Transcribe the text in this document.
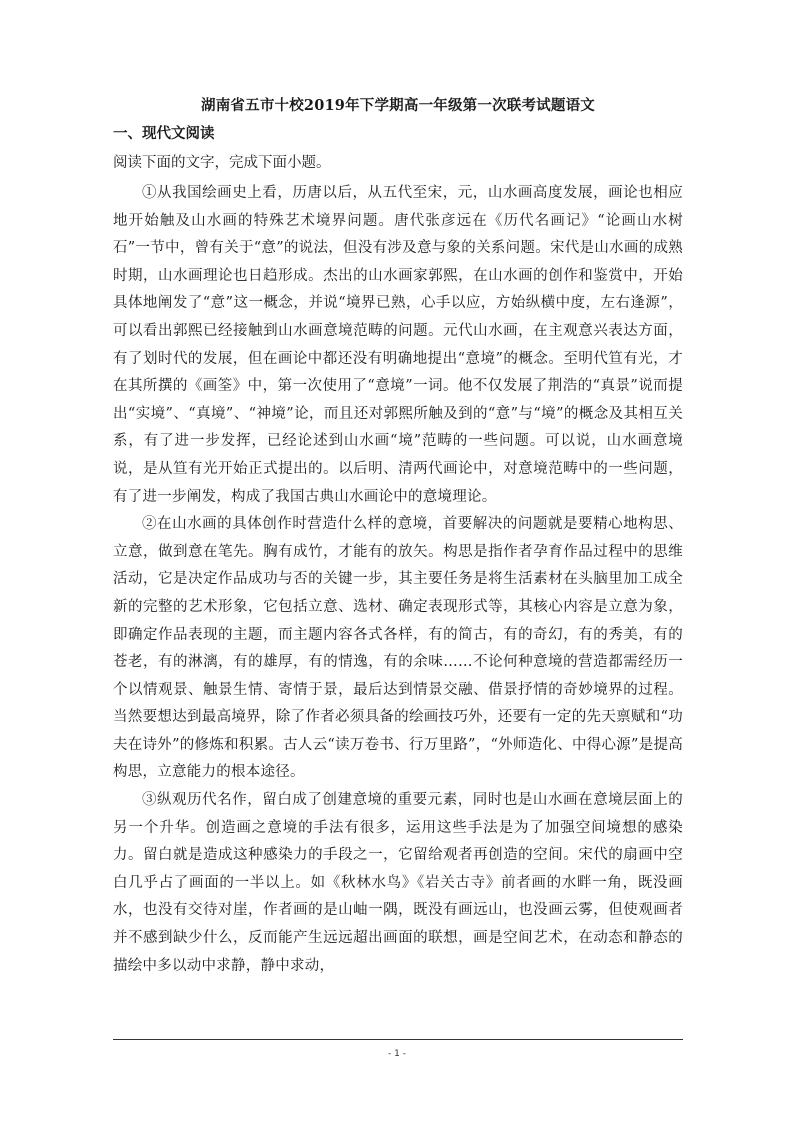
湖南省五市十校2019年下学期高一年级第一次联考试题语文
一、现代文阅读
阅读下面的文字，完成下面小题。

①从我国绘画史上看，历唐以后，从五代至宋，元，山水画高度发展，画论也相应地开始触及山水画的特殊艺术境界问题。唐代张彦远在《历代名画记》“论画山水树石”一节中，曾有关于“意”的说法，但没有涉及意与象的关系问题。宋代是山水画的成熟时期，山水画理论也日趋形成。杰出的山水画家郭熙，在山水画的创作和鉴赏中，开始具体地阐发了“意”这一概念，并说“境界已熟，心手以应，方始纵横中度，左右逢源”，可以看出郭熙已经接触到山水画意境范畴的问题。元代山水画，在主观意兴表达方面，有了划时代的发展，但在画论中都还没有明确地提出“意境”的概念。至明代笪有光，才在其所撰的《画筌》中，第一次使用了“意境”一词。他不仅发展了荆浩的“真景”说而提出“实境”、“真境”、“神境”论，而且还对郭熙所触及到的“意”与“境”的概念及其相互关系，有了进一步发挥，已经论述到山水画“境”范畴的一些问题。可以说，山水画意境说，是从笪有光开始正式提出的。以后明、清两代画论中，对意境范畴中的一些问题，有了进一步阐发，构成了我国古典山水画论中的意境理论。

②在山水画的具体创作时营造什么样的意境，首要解决的问题就是要精心地构思、立意，做到意在笔先。胸有成竹，才能有的放矢。构思是指作者孕育作品过程中的思维活动，它是决定作品成功与否的关键一步，其主要任务是将生活素材在头脑里加工成全新的完整的艺术形象，它包括立意、选材、确定表现形式等，其核心内容是立意为象，即确定作品表现的主题，而主题内容各式各样，有的简古，有的奇幻，有的秀美，有的苍老，有的淋漓，有的雄厚，有的情逸，有的余味……不论何种意境的营造都需经历一个以情观景、触景生情、寄情于景，最后达到情景交融、借景抒情的奇妙境界的过程。当然要想达到最高境界，除了作者必须具备的绘画技巧外，还要有一定的先天禀赋和“功夫在诗外”的修炼和积累。古人云“读万卷书、行万里路”，“外师造化、中得心源”是提高构思，立意能力的根本途径。

③纵观历代名作，留白成了创建意境的重要元素，同时也是山水画在意境层面上的另一个升华。创造画之意境的手法有很多，运用这些手法是为了加强空间境想的感染力。留白就是造成这种感染力的手段之一，它留给观者再创造的空间。宋代的扇画中空白几乎占了画面的一半以上。如《秋林水鸟》《岩关古寺》前者画的水畔一角，既没画水，也没有交待对崖，作者画的是山岫一隅，既没有画远山，也没画云雾，但使观画者并不感到缺少什么，反而能产生远远超出画面的联想，画是空间艺术，在动态和静态的描绘中多以动中求静，静中求动，

- 1 -
